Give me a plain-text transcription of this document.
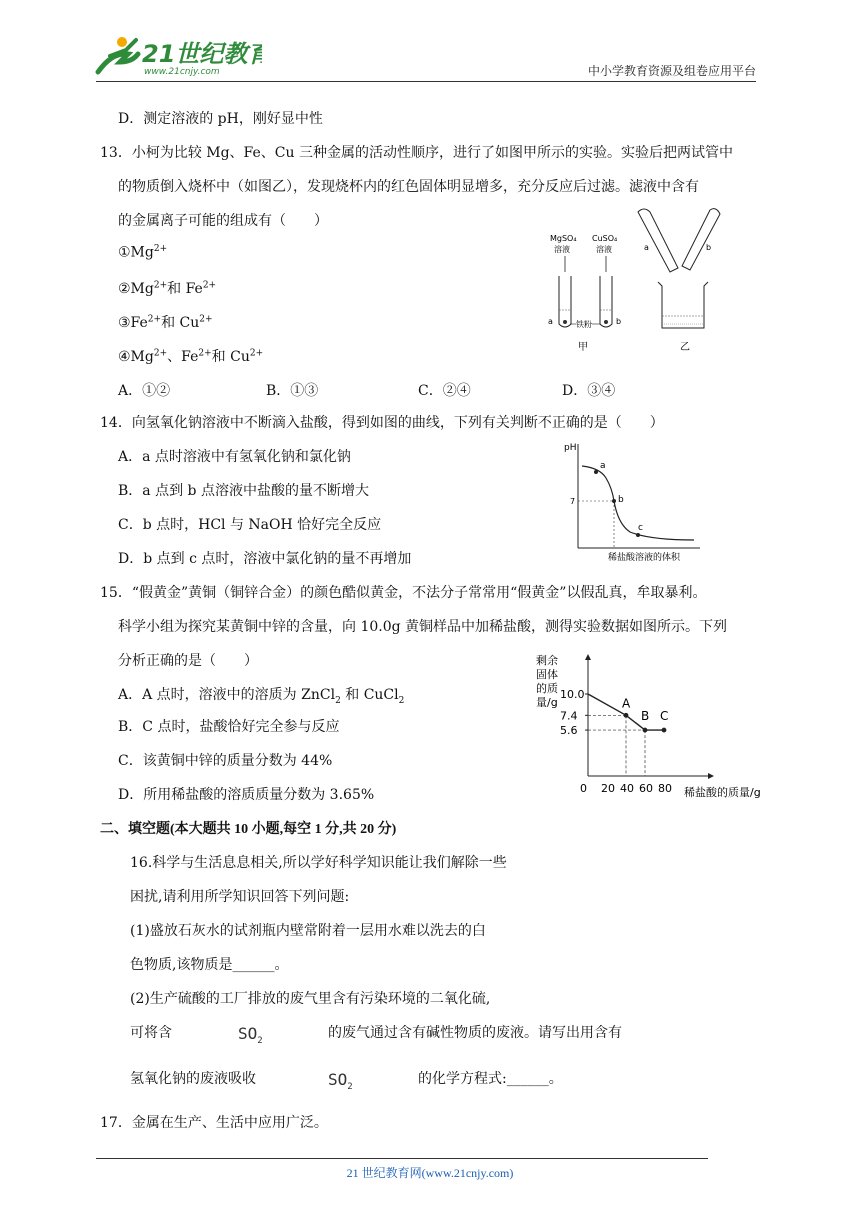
21世纪教育
www.21cnjy.com	中小学教育资源及组卷应用平台
D．测定溶液的 pH，刚好显中性
13．小柯为比较 Mg、Fe、Cu 三种金属的活动性顺序，进行了如图甲所示的实验。实验后把两试管中
的物质倒入烧杯中（如图乙），发现烧杯内的红色固体明显增多，充分反应后过滤。滤液中含有
的金属离子可能的组成有（　　）
$①Mg^{2+}$
$②Mg^{2+}$和 $Fe^{2+}$
$③Fe^{2+}$和 $Cu^{2+}$
$④Mg^{2+}$、$Fe^{2+}$和 $Cu^{2+}$
A．①②	B．①③	C．②④	D．③④
MgSO₄
溶液
CuSO₄
溶液
a	b
铁粉
甲
a	b
乙
14．向氢氧化钠溶液中不断滴入盐酸，得到如图的曲线，下列有关判断不正确的是（　　）
A．a 点时溶液中有氢氧化钠和氯化钠
B．a 点到 b 点溶液中盐酸的量不断增大
C．b 点时，HCl 与 NaOH 恰好完全反应
D．b 点到 c 点时，溶液中氯化钠的量不再增加
pH
7
a
b
c
稀盐酸溶液的体积
15．“假黄金”黄铜（铜锌合金）的颜色酷似黄金，不法分子常常用“假黄金”以假乱真，牟取暴利。
科学小组为探究某黄铜中锌的含量，向 10.0g 黄铜样品中加稀盐酸，测得实验数据如图所示。下列
分析正确的是（　　）
A．A 点时，溶液中的溶质为 ZnCl$_2$ 和 CuCl$_2$
B．C 点时，盐酸恰好完全参与反应
C．该黄铜中锌的质量分数为 44%
D．所用稀盐酸的溶质质量分数为 3.65%
剩余
固体
的质
量/g
稀盐酸的质量/g
0 20 40 60 80
10.0
7.4
5.6
A
B C
二、填空题(本大题共 10 小题,每空 1 分,共 20 分)
16.科学与生活息息相关,所以学好科学知识能让我们解除一些
困扰,请利用所学知识回答下列问题:
(1)盛放石灰水的试剂瓶内壁常附着一层用水难以洗去的白
色物质,该物质是______。
(2)生产硫酸的工厂排放的废气里含有污染环境的二氧化硫,
可将含	$SO_2$
的废气通过含有碱性物质的废液。请写出用含有
氢氧化钠的废液吸收	$SO_2$
的化学方程式:______。
17．金属在生产、生活中应用广泛。
21 世纪教育网(www.21cnjy.com)
